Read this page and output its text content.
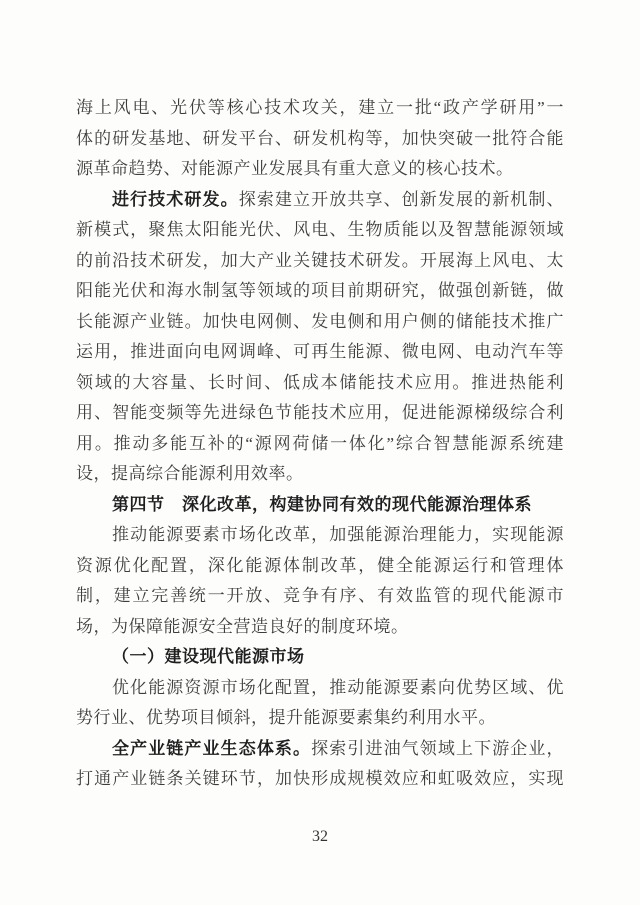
海上风电、光伏等核心技术攻关，建立一批“政产学研用”一
体的研发基地、研发平台、研发机构等，加快突破一批符合能
源革命趋势、对能源产业发展具有重大意义的核心技术。
进行技术研发。探索建立开放共享、创新发展的新机制、
新模式，聚焦太阳能光伏、风电、生物质能以及智慧能源领域
的前沿技术研发，加大产业关键技术研发。开展海上风电、太
阳能光伏和海水制氢等领域的项目前期研究，做强创新链，做
长能源产业链。加快电网侧、发电侧和用户侧的储能技术推广
运用，推进面向电网调峰、可再生能源、微电网、电动汽车等
领域的大容量、长时间、低成本储能技术应用。推进热能利
用、智能变频等先进绿色节能技术应用，促进能源梯级综合利
用。推动多能互补的“源网荷储一体化”综合智慧能源系统建
设，提高综合能源利用效率。
第四节　深化改革，构建协同有效的现代能源治理体系
推动能源要素市场化改革，加强能源治理能力，实现能源
资源优化配置，深化能源体制改革，健全能源运行和管理体
制，建立完善统一开放、竞争有序、有效监管的现代能源市
场，为保障能源安全营造良好的制度环境。
（一）建设现代能源市场
优化能源资源市场化配置，推动能源要素向优势区域、优
势行业、优势项目倾斜，提升能源要素集约利用水平。
全产业链产业生态体系。探索引进油气领域上下游企业，
打通产业链条关键环节，加快形成规模效应和虹吸效应，实现
32
